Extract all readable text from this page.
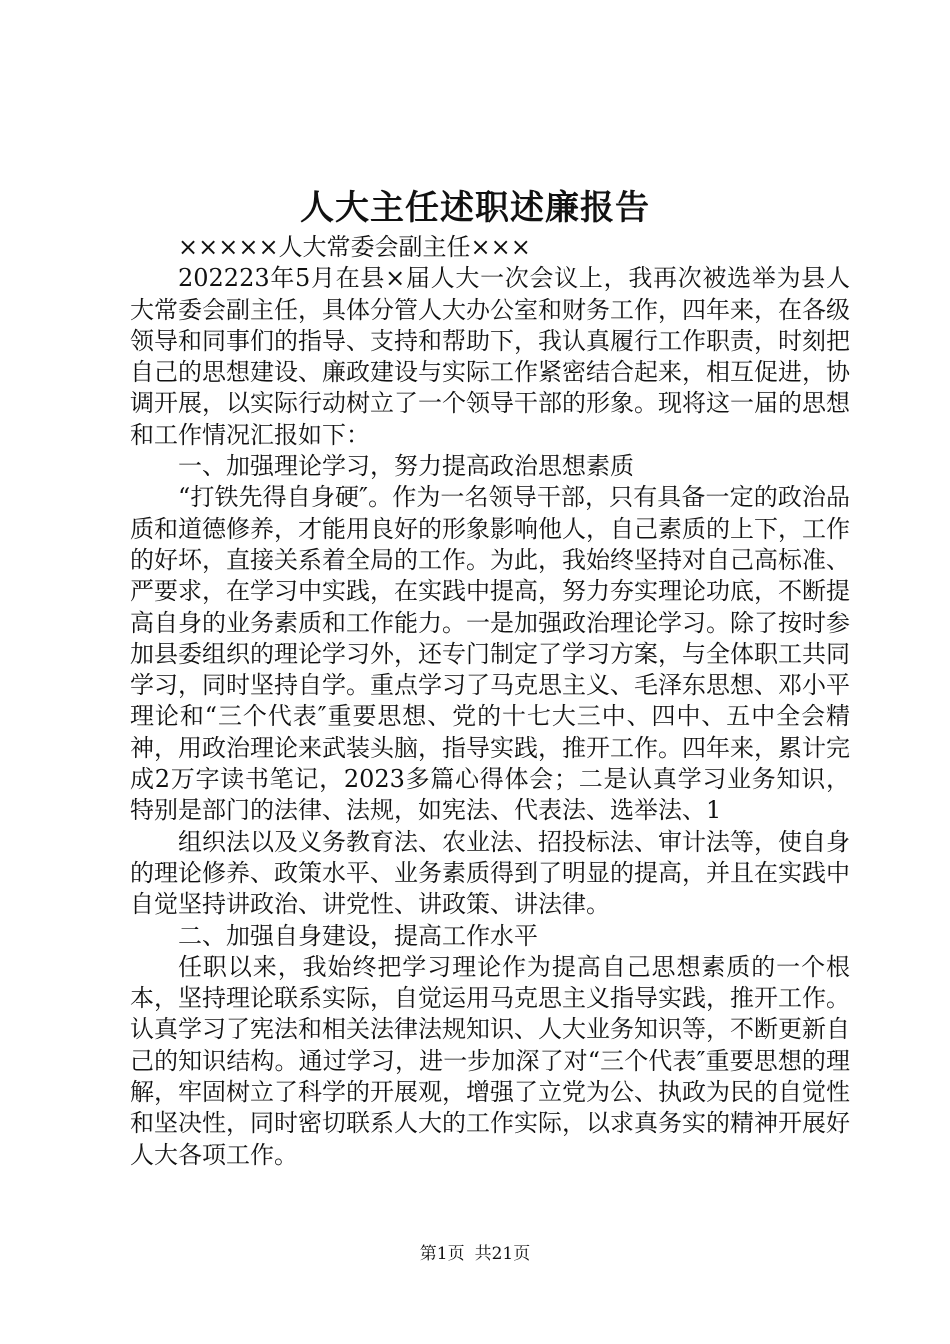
人大主任述职述廉报告

×××××人大常委会副主任×××

202223年5月在县×届人大一次会议上，我再次被选举为县人大常委会副主任，具体分管人大办公室和财务工作，四年来，在各级领导和同事们的指导、支持和帮助下，我认真履行工作职责，时刻把自己的思想建设、廉政建设与实际工作紧密结合起来，相互促进，协调开展，以实际行动树立了一个领导干部的形象。现将这一届的思想和工作情况汇报如下：

一、加强理论学习，努力提高政治思想素质

“打铁先得自身硬″。作为一名领导干部，只有具备一定的政治品质和道德修养，才能用良好的形象影响他人，自己素质的上下，工作的好坏，直接关系着全局的工作。为此，我始终坚持对自己高标准、严要求，在学习中实践，在实践中提高，努力夯实理论功底，不断提高自身的业务素质和工作能力。一是加强政治理论学习。除了按时参加县委组织的理论学习外，还专门制定了学习方案，与全体职工共同学习，同时坚持自学。重点学习了马克思主义、毛泽东思想、邓小平理论和“三个代表″重要思想、党的十七大三中、四中、五中全会精神，用政治理论来武装头脑，指导实践，推开工作。四年来，累计完成2万字读书笔记，2023多篇心得体会；二是认真学习业务知识，特别是部门的法律、法规，如宪法、代表法、选举法、1

组织法以及义务教育法、农业法、招投标法、审计法等，使自身的理论修养、政策水平、业务素质得到了明显的提高，并且在实践中自觉坚持讲政治、讲党性、讲政策、讲法律。

二、加强自身建设，提高工作水平

任职以来，我始终把学习理论作为提高自己思想素质的一个根本，坚持理论联系实际，自觉运用马克思主义指导实践，推开工作。认真学习了宪法和相关法律法规知识、人大业务知识等，不断更新自己的知识结构。通过学习，进一步加深了对“三个代表″重要思想的理解，牢固树立了科学的开展观，增强了立党为公、执政为民的自觉性和坚决性，同时密切联系人大的工作实际，以求真务实的精神开展好人大各项工作。

第1页 共21页
